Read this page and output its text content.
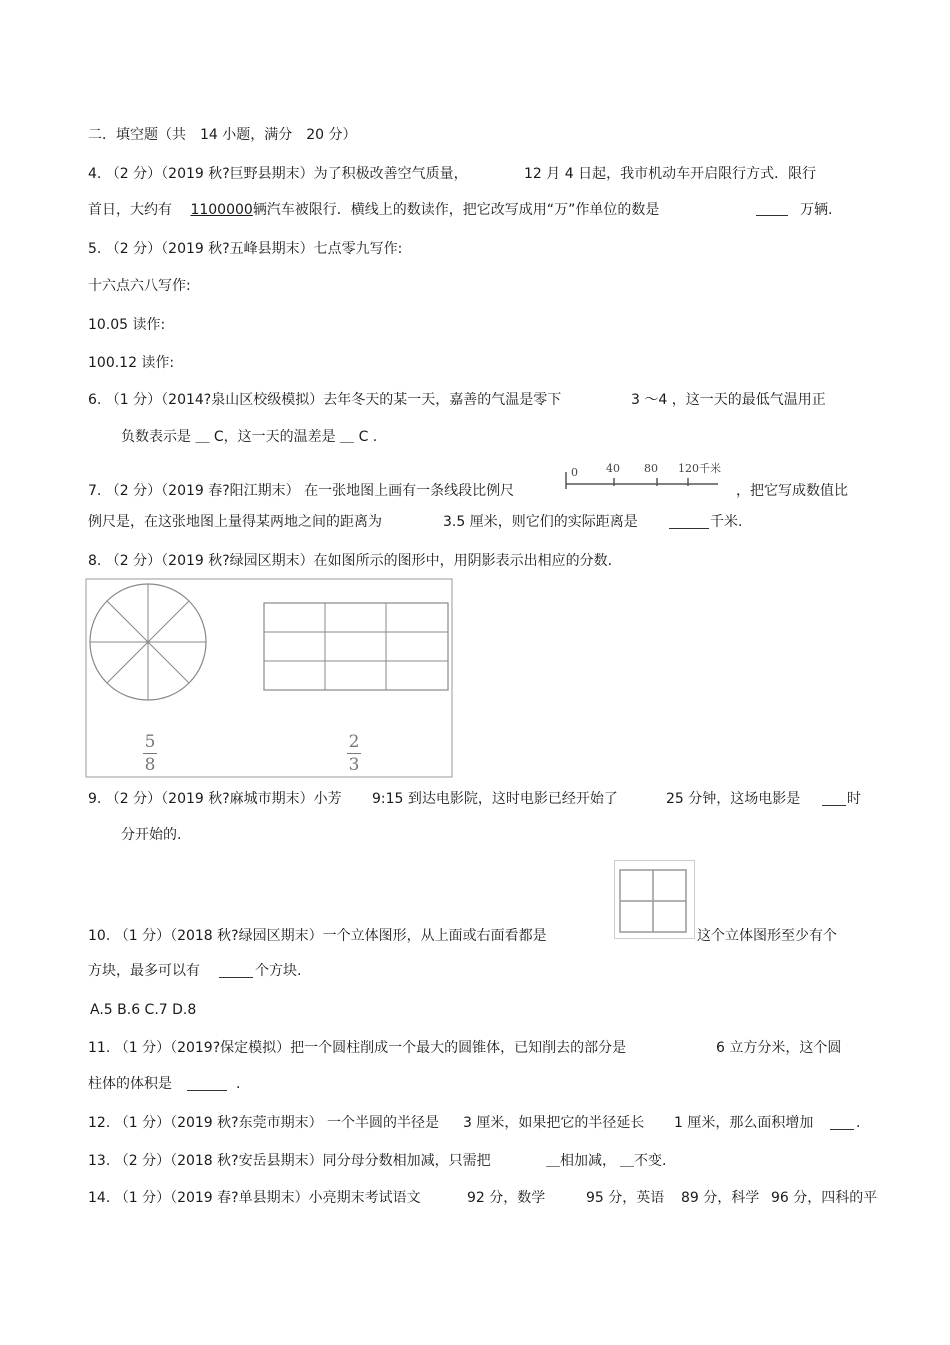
二．填空题（共　14 小题，满分　20 分）
4. （2 分）（2019 秋?巨野县期末）为了积极改善空气质量，	12 月 4 日起，我市机动车开启限行方式．限行
首日，大约有 1100000辆汽车被限行．横线上的数读作，把它改写成用“万”作单位的数是	万辆.
5. （2 分）（2019 秋?五峰县期末）七点零九写作:
十六点六八写作:
10.05 读作:
100.12 读作:
6. （1 分）（2014?泉山区校级模拟）去年冬天的某一天，嘉善的气温是零下	3 ～4 ，这一天的最低气温用正
负数表示是 ＿ C，这一天的温差是 ＿ C .
7. （2 分）（2019 春?阳江期末） 在一张地图上画有一条线段比例尺
0	40 80 120千米
，把它写成数值比
例尺是，在这张地图上量得某两地之间的距离为	3.5 厘米，则它们的实际距离是	千米.
8. （2 分）（2019 秋?绿园区期末）在如图所示的图形中，用阴影表示出相应的分数.
5
8
2
3
9. （2 分）（2019 秋?麻城市期末）小芳 9:15 到达电影院，这时电影已经开始了	25 分钟，这场电影是	时
分开始的.
10. （1 分）（2018 秋?绿园区期末）一个立体图形，从上面或右面看都是	这个立体图形至少有个
方块，最多可以有	个方块.
A.5 B.6 C.7 D.8
11. （1 分）（2019?保定模拟）把一个圆柱削成一个最大的圆锥体，已知削去的部分是	6 立方分米，这个圆
柱体的体积是	.
12. （1 分）（2019 秋?东莞市期末） 一个半圆的半径是 3 厘米，如果把它的半径延长 1 厘米，那么面积增加	.
13. （2 分）（2018 秋?安岳县期末）同分母分数相加减，只需把	＿相加减， ＿不变.
14. （1 分）（2019 春?单县期末）小亮期末考试语文	92 分，数学	95 分，英语 89 分，科学 96 分，四科的平
